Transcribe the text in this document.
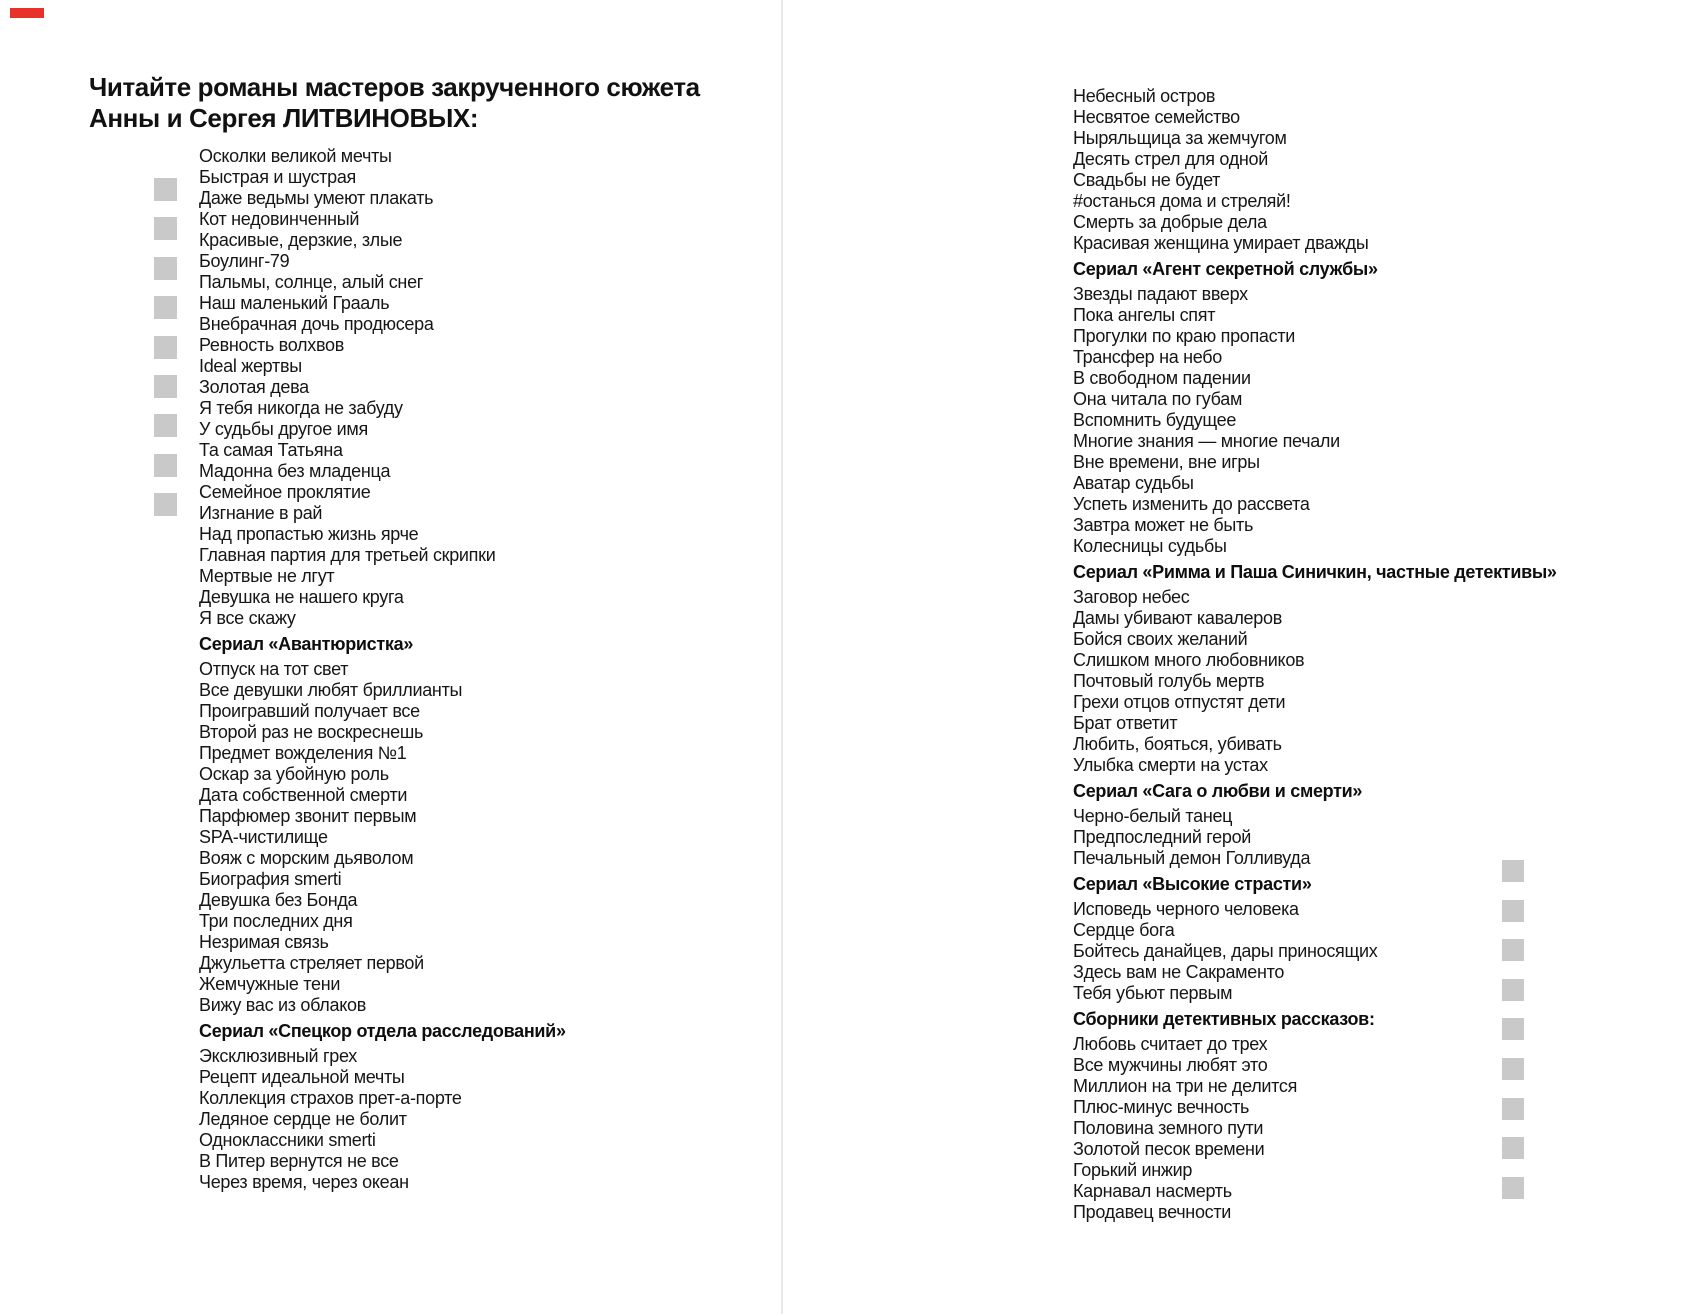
Читайте романы мастеров закрученного сюжета
Анны и Сергея ЛИТВИНОВЫХ:
Осколки великой мечты
Быстрая и шустрая
Даже ведьмы умеют плакать
Кот недовинченный
Красивые, дерзкие, злые
Боулинг-79
Пальмы, солнце, алый снег
Наш маленький Грааль
Внебрачная дочь продюсера
Ревность волхвов
Ideal жертвы
Золотая дева
Я тебя никогда не забуду
У судьбы другое имя
Та самая Татьяна
Мадонна без младенца
Семейное проклятие
Изгнание в рай
Над пропастью жизнь ярче
Главная партия для третьей скрипки
Мертвые не лгут
Девушка не нашего круга
Я все скажу
Сериал «Авантюристка»
Отпуск на тот свет
Все девушки любят бриллианты
Проигравший получает все
Второй раз не воскреснешь
Предмет вожделения №1
Оскар за убойную роль
Дата собственной смерти
Парфюмер звонит первым
SPA-чистилище
Вояж с морским дьяволом
Биография smerti
Девушка без Бонда
Три последних дня
Незримая связь
Джульетта стреляет первой
Жемчужные тени
Вижу вас из облаков
Сериал «Спецкор отдела расследований»
Эксклюзивный грех
Рецепт идеальной мечты
Коллекция страхов прет-а-порте
Ледяное сердце не болит
Одноклассники smerti
В Питер вернутся не все
Через время, через океан
Небесный остров
Несвятое семейство
Ныряльщица за жемчугом
Десять стрел для одной
Свадьбы не будет
#останься дома и стреляй!
Смерть за добрые дела
Красивая женщина умирает дважды
Сериал «Агент секретной службы»
Звезды падают вверх
Пока ангелы спят
Прогулки по краю пропасти
Трансфер на небо
В свободном падении
Она читала по губам
Вспомнить будущее
Многие знания — многие печали
Вне времени, вне игры
Аватар судьбы
Успеть изменить до рассвета
Завтра может не быть
Колесницы судьбы
Сериал «Римма и Паша Синичкин, частные детективы»
Заговор небес
Дамы убивают кавалеров
Бойся своих желаний
Слишком много любовников
Почтовый голубь мертв
Грехи отцов отпустят дети
Брат ответит
Любить, бояться, убивать
Улыбка смерти на устах
Сериал «Сага о любви и смерти»
Черно-белый танец
Предпоследний герой
Печальный демон Голливуда
Сериал «Высокие страсти»
Исповедь черного человека
Сердце бога
Бойтесь данайцев, дары приносящих
Здесь вам не Сакраменто
Тебя убьют первым
Сборники детективных рассказов:
Любовь считает до трех
Все мужчины любят это
Миллион на три не делится
Плюс-минус вечность
Половина земного пути
Золотой песок времени
Горький инжир
Карнавал насмерть
Продавец вечности
